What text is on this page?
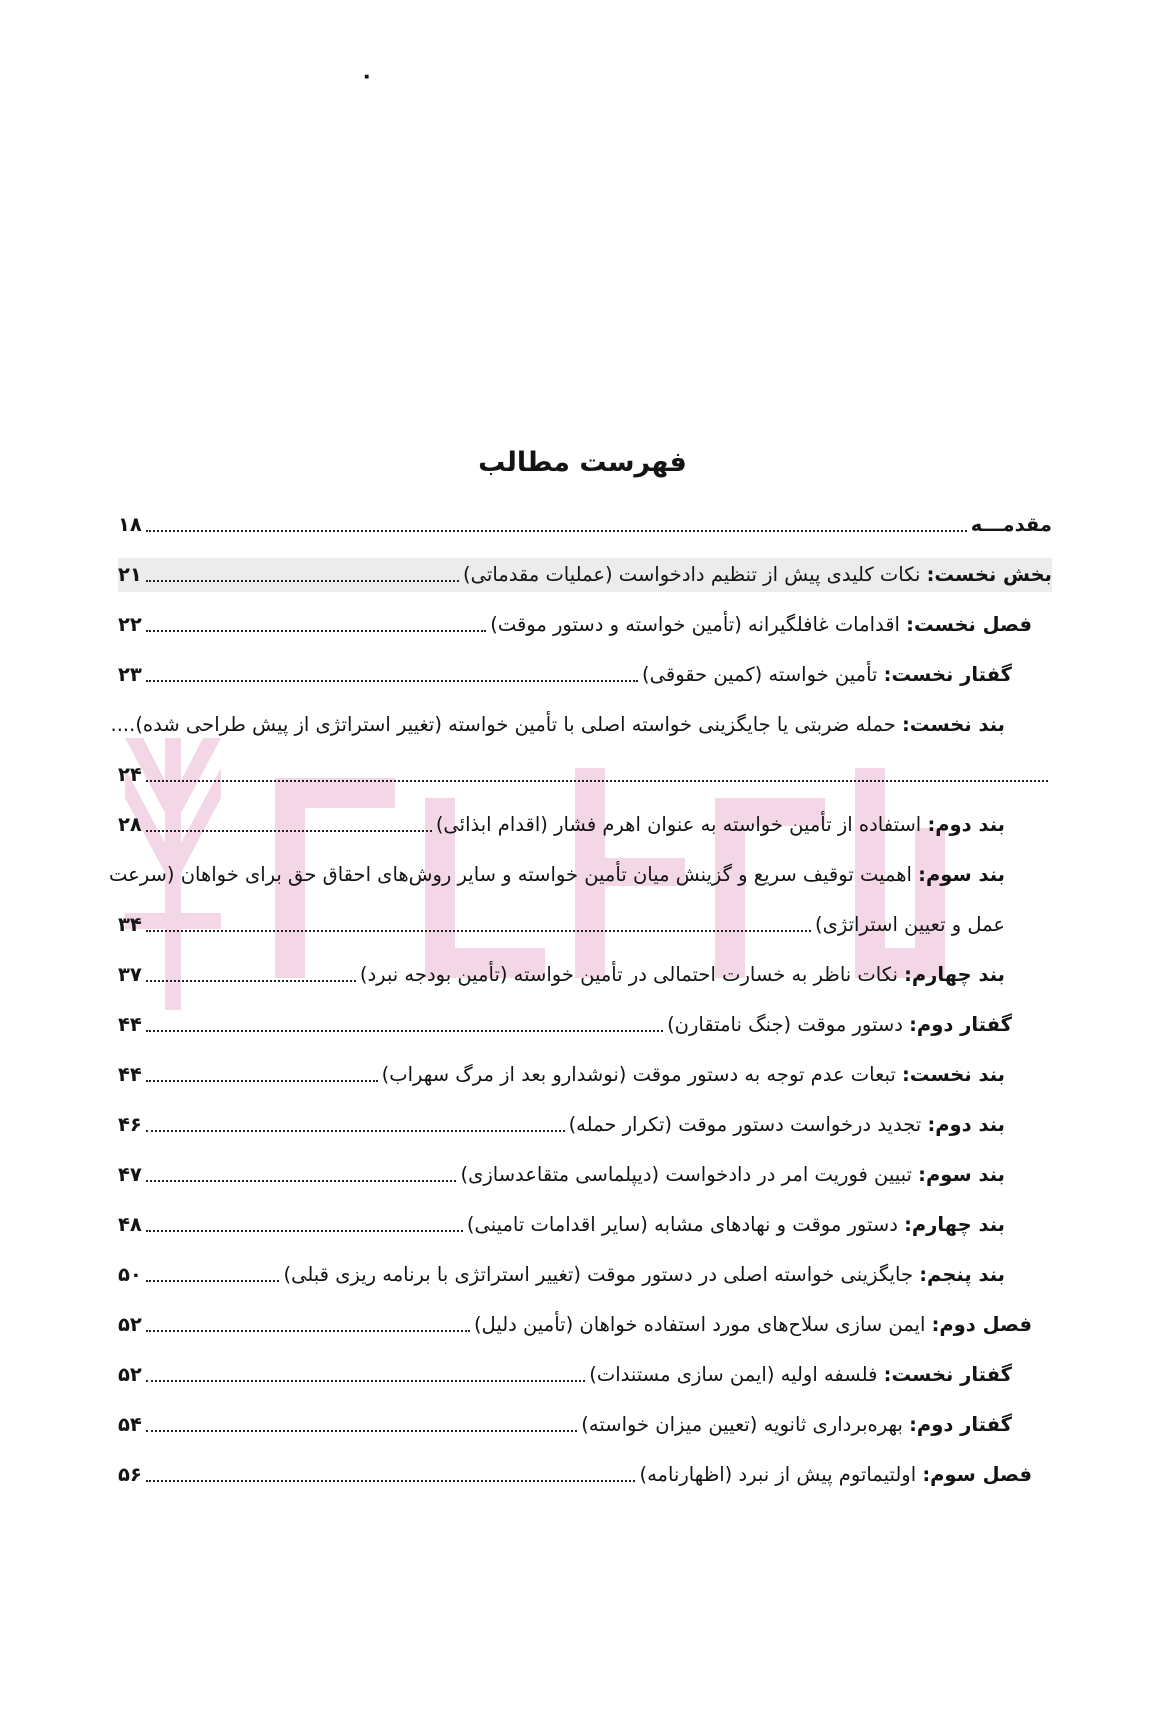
۰
فهرست مطالب
مقدمـــه
۱۸
بخش نخست: نکات کلیدی پیش از تنظیم دادخواست (عملیات مقدماتی)
۲۱
فصل نخست: اقدامات غافلگیرانه (تأمین خواسته و دستور موقت)
۲۲
گفتار نخست: تأمین خواسته (کمین حقوقی)
۲۳
بند نخست: حمله ضربتی یا جایگزینی خواسته اصلی با تأمین خواسته (تغییر استراتژی از پیش طراحی شده)....
۲۴
بند دوم: استفاده از تأمین خواسته به عنوان اهرم فشار (اقدام ابذائی)
۲۸
بند سوم: اهمیت توقیف سریع و گزینش میان تأمین خواسته و سایر روش‌های احقاق حق برای خواهان (سرعت
عمل و تعیین استراتژی)
۳۴
بند چهارم: نکات ناظر به خسارت احتمالی در تأمین خواسته (تأمین بودجه نبرد)
۳۷
گفتار دوم: دستور موقت (جنگ نامتقارن)
۴۴
بند نخست: تبعات عدم توجه به دستور موقت (نوشدارو بعد از مرگ سهراب)
۴۴
بند دوم: تجدید درخواست دستور موقت (تکرار حمله)
۴۶
بند سوم: تبیین فوریت امر در دادخواست (دیپلماسی متقاعدسازی)
۴۷
بند چهارم: دستور موقت و نهادهای مشابه (سایر اقدامات تامینی)
۴۸
بند پنجم: جایگزینی خواسته اصلی در دستور موقت (تغییر استراتژی با برنامه ریزی قبلی)
۵۰
فصل دوم: ایمن سازی سلاح‌های مورد استفاده خواهان (تأمین دلیل)
۵۲
گفتار نخست: فلسفه اولیه (ایمن سازی مستندات)
۵۲
گفتار دوم: بهره‌برداری ثانویه (تعیین میزان خواسته)
۵۴
فصل سوم: اولتیماتوم پیش از نبرد (اظهارنامه)
۵۶
